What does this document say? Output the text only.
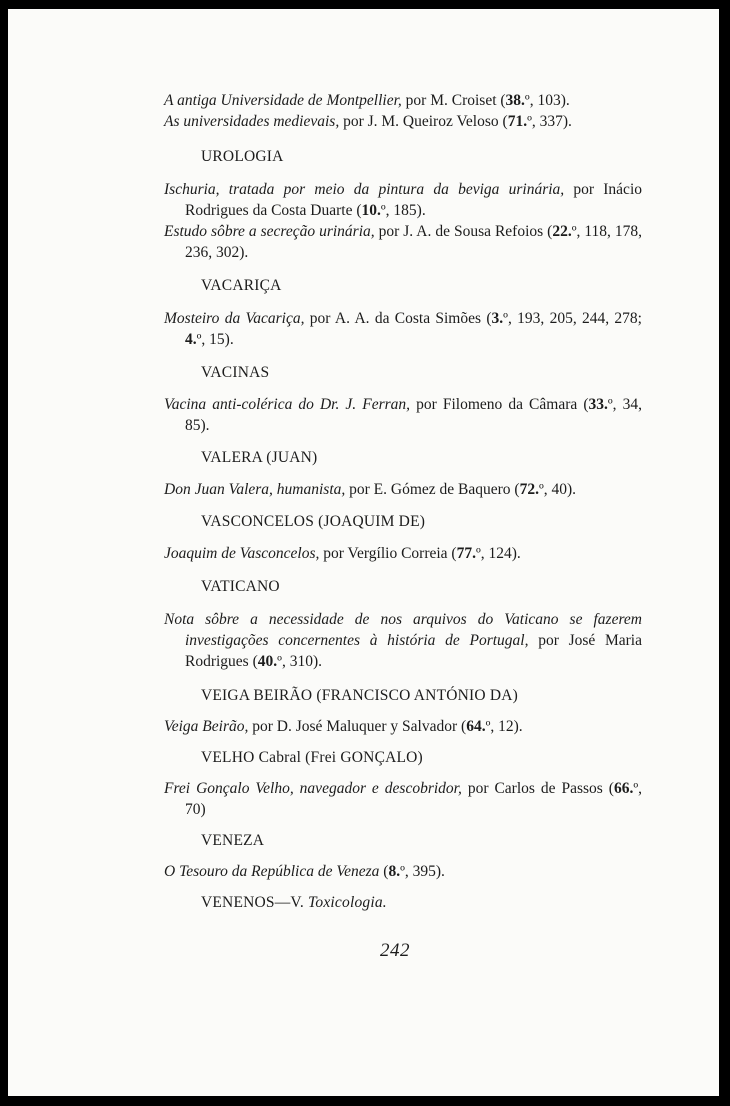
A antiga Universidade de Montpellier, por M. Croiset (38.º, 103).

As universidades medievais, por J. M. Queiroz Veloso (71.º, 337).

UROLOGIA

Ischuria, tratada por meio da pintura da beviga urinária, por Inácio Rodrigues da Costa Duarte (10.º, 185).

Estudo sôbre a secreção urinária, por J. A. de Sousa Refoios (22.º, 118, 178, 236, 302).

VACARIÇA

Mosteiro da Vacariça, por A. A. da Costa Simões (3.º, 193, 205, 244, 278; 4.º, 15).

VACINAS

Vacina anti-colérica do Dr. J. Ferran, por Filomeno da Câmara (33.º, 34, 85).

VALERA (JUAN)

Don Juan Valera, humanista, por E. Gómez de Baquero (72.º, 40).

VASCONCELOS (JOAQUIM DE)

Joaquim de Vasconcelos, por Vergílio Correia (77.º, 124).

VATICANO

Nota sôbre a necessidade de nos arquivos do Vaticano se fazerem investigações concernentes à história de Portugal, por José Maria Rodrigues (40.º, 310).

VEIGA BEIRÃO (FRANCISCO ANTÓNIO DA)

Veiga Beirão, por D. José Maluquer y Salvador (64.º, 12).

VELHO Cabral (Frei GONÇALO)

Frei Gonçalo Velho, navegador e descobridor, por Carlos de Passos (66.º, 70)

VENEZA

O Tesouro da República de Veneza (8.º, 395).

VENENOS—V. Toxicologia.

242
